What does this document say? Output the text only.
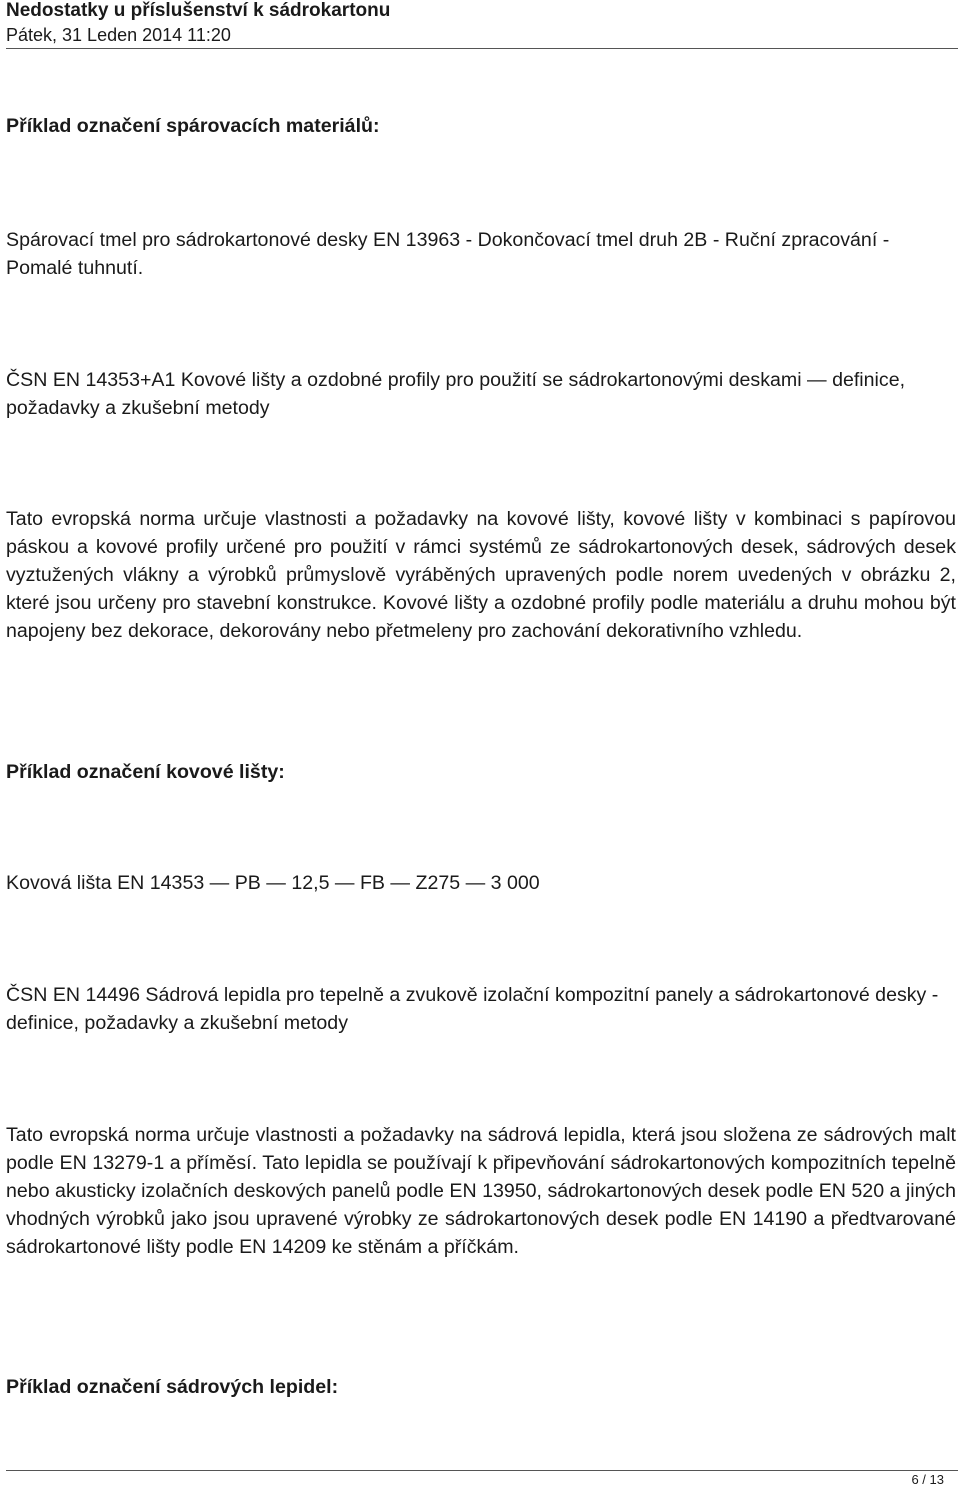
Nedostatky u příslušenství k sádrokartonu
Pátek, 31 Leden 2014 11:20

Příklad označení spárovacích materiálů:

Spárovací tmel pro sádrokartonové desky EN 13963 - Dokončovací tmel druh 2B - Ruční zpracování - Pomalé tuhnutí.

ČSN EN 14353+A1 Kovové lišty a ozdobné profily pro použití se sádrokartonovými deskami — definice, požadavky a zkušební metody

Tato evropská norma určuje vlastnosti a požadavky na kovové lišty, kovové lišty v kombinaci s papírovou páskou a kovové profily určené pro použití v rámci systémů ze sádrokartonových desek, sádrových desek vyztužených vlákny a výrobků průmyslově vyráběných upravených podle norem uvedených v obrázku 2, které jsou určeny pro stavební konstrukce. Kovové lišty a ozdobné profily podle materiálu a druhu mohou být napojeny bez dekorace, dekorovány nebo přetmeleny pro zachování dekorativního vzhledu.

Příklad označení kovové lišty:

Kovová lišta EN 14353 — PB — 12,5 — FB — Z275 — 3 000

ČSN EN 14496 Sádrová lepidla pro tepelně a zvukově izolační kompozitní panely a sádrokartonové desky - definice, požadavky a zkušební metody

Tato evropská norma určuje vlastnosti a požadavky na sádrová lepidla, která jsou složena ze sádrových malt podle EN 13279-1 a příměsí. Tato lepidla se používají k připevňování sádrokartonových kompozitních tepelně nebo akusticky izolačních deskových panelů podle EN 13950, sádrokartonových desek podle EN 520 a jiných vhodných výrobků jako jsou upravené výrobky ze sádrokartonových desek podle EN 14190 a předtvarované sádrokartonové lišty podle EN 14209 ke stěnám a příčkám.

Příklad označení sádrových lepidel:

6 / 13
